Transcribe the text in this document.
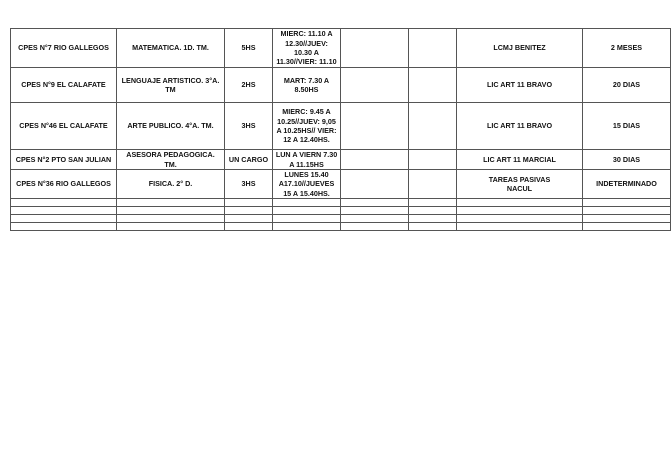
CPES N°7 RIO GALLEGOS	MATEMATICA. 1D. TM.	5HS	MIERC: 11.10 A
12.30//JUEV:
10.30 A
11.30//VIER: 11.10			LCMJ BENITEZ	2 MESES
CPES N°9 EL CALAFATE	LENGUAJE ARTISTICO. 3°A.
TM	2HS	MART: 7.30 A
8.50HS			LIC ART 11 BRAVO	20 DIAS
CPES N°46 EL CALAFATE	ARTE PUBLICO. 4°A. TM.	3HS	MIERC: 9.45 A
10.25//JUEV: 9,05
A 10.25HS// VIER:
12 A 12.40HS.			LIC ART 11 BRAVO	15 DIAS
CPES N°2 PTO SAN JULIAN	ASESORA PEDAGOGICA.
TM.	UN CARGO	LUN A VIERN 7.30
A 11.15HS			LIC ART 11 MARCIAL	30 DIAS
CPES N°36 RIO GALLEGOS	FISICA. 2° D.	3HS	LUNES 15.40
A17.10//JUEVES
15 A 15.40HS.			TAREAS PASIVAS
NACUL	INDETERMINADO
